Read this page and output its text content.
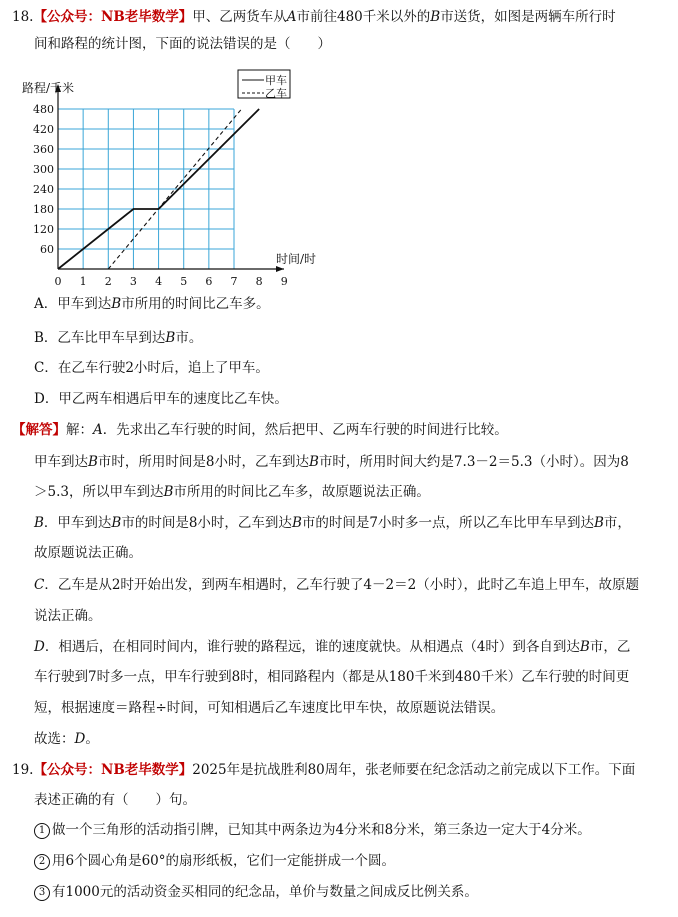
18.【公众号：NB老毕数学】甲、乙两货车从A市前往480千米以外的B市送货，如图是两辆车所行时
间和路程的统计图，下面的说法错误的是（　　）
0 1 2 3 4 5 6 7 8 9
60
120
180
240
300
360
420
480
路程/千米
时间/时
甲车
乙车
A．甲车到达B市所用的时间比乙车多。
B．乙车比甲车早到达B市。
C．在乙车行驶2小时后，追上了甲车。
D．甲乙两车相遇后甲车的速度比乙车快。
【解答】解：A．先求出乙车行驶的时间，然后把甲、乙两车行驶的时间进行比较。
甲车到达B市时，所用时间是8小时，乙车到达B市时，所用时间大约是7.3－2＝5.3（小时）。因为8
＞5.3，所以甲车到达B市所用的时间比乙车多，故原题说法正确。
B．甲车到达B市的时间是8小时，乙车到达B市的时间是7小时多一点，所以乙车比甲车早到达B市，
故原题说法正确。
C．乙车是从2时开始出发，到两车相遇时，乙车行驶了4－2＝2（小时），此时乙车追上甲车，故原题
说法正确。
D．相遇后，在相同时间内，谁行驶的路程远，谁的速度就快。从相遇点（4时）到各自到达B市，乙
车行驶到7时多一点，甲车行驶到8时，相同路程内（都是从180千米到480千米）乙车行驶的时间更
短，根据速度＝路程÷时间，可知相遇后乙车速度比甲车快，故原题说法错误。
故选：D。
19.【公众号：NB老毕数学】2025年是抗战胜利80周年，张老师要在纪念活动之前完成以下工作。下面
表述正确的有（　　）句。
1 做一个三角形的活动指引牌，已知其中两条边为4分米和8分米，第三条边一定大于4分米。
2 用6个圆心角是60°的扇形纸板，它们一定能拼成一个圆。
3 有1000元的活动资金买相同的纪念品，单价与数量之间成反比例关系。
